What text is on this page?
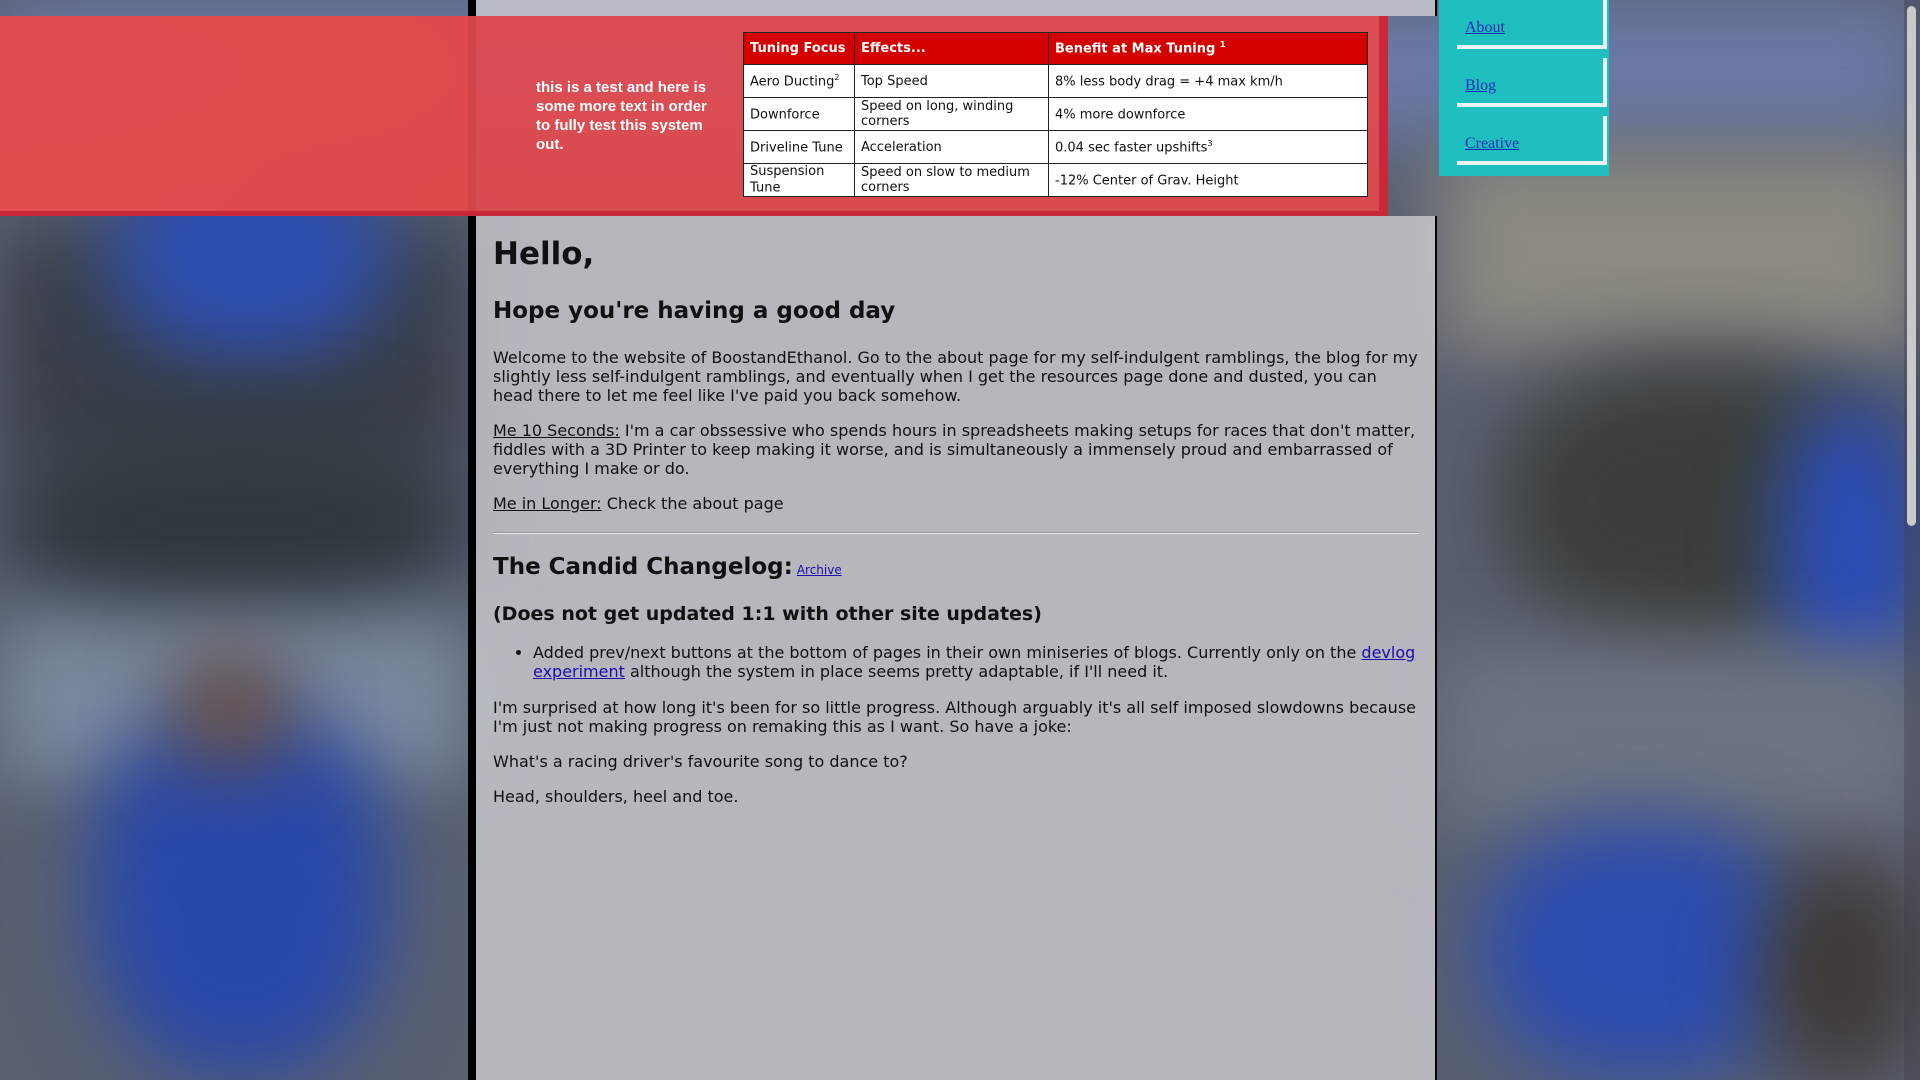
this is a test and here is some more text in order to fully test this system out.
Tuning Focus	Effects...	Benefit at Max Tuning $^1$
Aero Ducting$^2$	Top Speed	8% less body drag = +4 max km/h
Downforce	Speed on long, winding corners	4% more downforce
Driveline Tune	Acceleration	0.04 sec faster upshifts$^3$
Suspension Tune	Speed on slow to medium corners	-12% Center of Grav. Height
Hello,
Hope you're having a good day

Welcome to the website of BoostandEthanol. Go to the about page for my self-indulgent ramblings, the blog for my slightly less self-indulgent ramblings, and eventually when I get the resources page done and dusted, you can head there to let me feel like I've paid you back somehow.

Me 10 Seconds: I'm a car obssessive who spends hours in spreadsheets making setups for races that don't matter, fiddles with a 3D Printer to keep making it worse, and is simultaneously a immensely proud and embarrassed of everything I make or do.

Me in Longer: Check the about page

The Candid Changelog: Archive
(Does not get updated 1:1 with other site updates)
• Added prev/next buttons at the bottom of pages in their own miniseries of blogs. Currently only on the devlog experiment although the system in place seems pretty adaptable, if I'll need it.

I'm surprised at how long it's been for so little progress. Although arguably it's all self imposed slowdowns because I'm just not making progress on remaking this as I want. So have a joke:

What's a racing driver's favourite song to dance to?

Head, shoulders, heel and toe.

About
Blog
Creative
